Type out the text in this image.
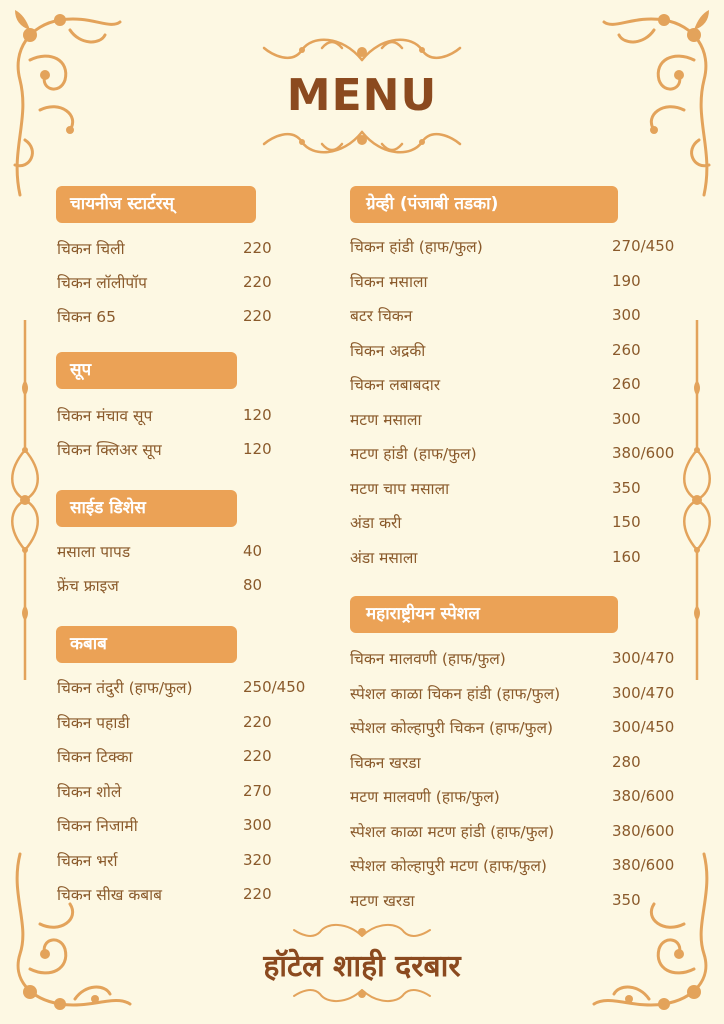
MENU
हॉटेल शाही दरबार
चायनीज स्टार्टरस्
सूप
साईड डिशेस
कबाब
ग्रेव्ही (पंजाबी तडका)
महाराष्ट्रीयन स्पेशल
चिकन चिली	220
चिकन लॉलीपॉप	220
चिकन 65	220
चिकन मंचाव सूप	120
चिकन क्लिअर सूप	120
मसाला पापड	40
फ्रेंच फ्राइज	80
चिकन तंदुरी (हाफ/फुल)	250/450
चिकन पहाडी	220
चिकन टिक्का	220
चिकन शोले	270
चिकन निजामी	300
चिकन भर्रा	320
चिकन सीख कबाब	220
चिकन हांडी (हाफ/फुल)	270/450
चिकन मसाला	190
बटर चिकन	300
चिकन अद्रकी	260
चिकन लबाबदार	260
मटण मसाला	300
मटण हांडी (हाफ/फुल)	380/600
मटण चाप मसाला	350
अंडा करी	150
अंडा मसाला	160
चिकन मालवणी (हाफ/फुल)	300/470
स्पेशल काळा चिकन हांडी (हाफ/फुल)	300/470
स्पेशल कोल्हापुरी चिकन (हाफ/फुल)	300/450
चिकन खरडा	280
मटण मालवणी (हाफ/फुल)	380/600
स्पेशल काळा मटण हांडी (हाफ/फुल)	380/600
स्पेशल कोल्हापुरी मटण (हाफ/फुल)	380/600
मटण खरडा	350
